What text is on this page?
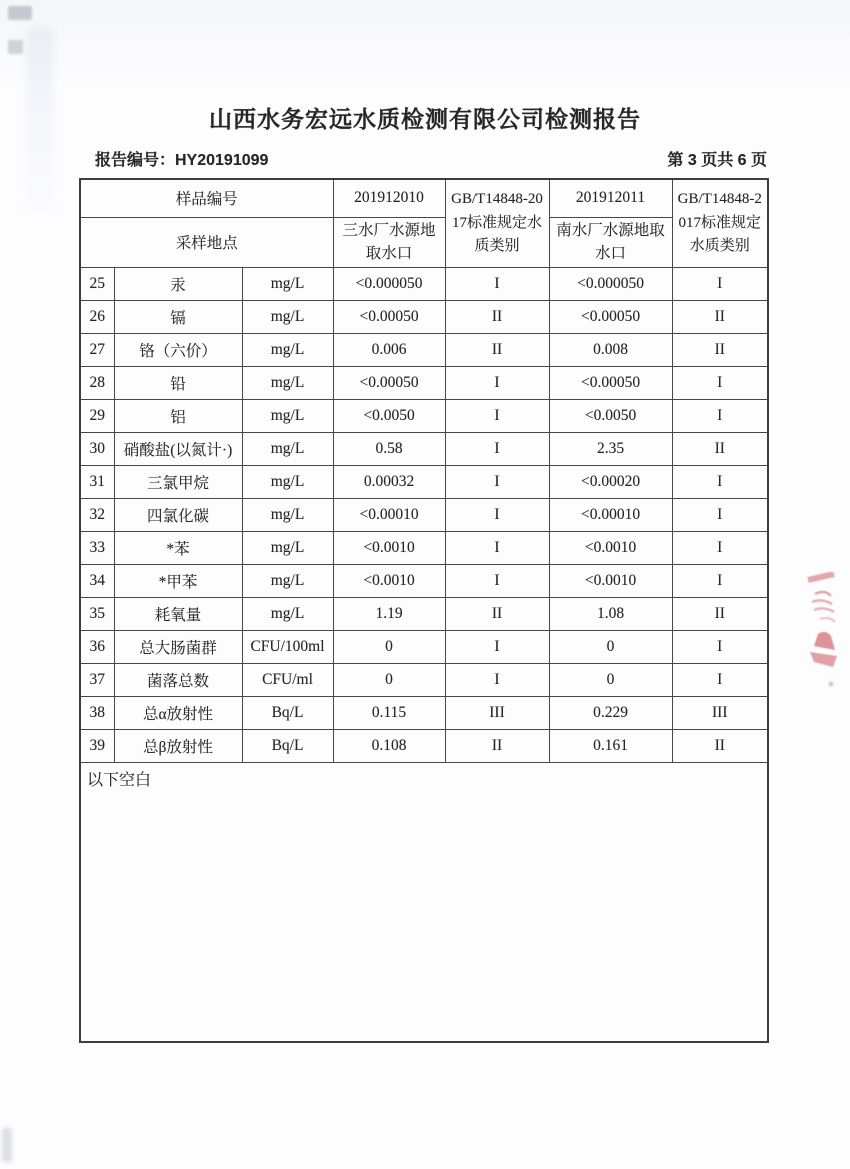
山西水务宏远水质检测有限公司检测报告
报告编号：HY20191099	第 3 页共 6 页
样品编号			201912010	GB/T14848-2017标准规定水质类别	201912011	GB/T14848-2017标准规定水质类别
采样地点			三水厂水源地取水口		南水厂水源地取水口	
25	汞	mg/L	<0.000050	I	<0.000050	I
26	镉	mg/L	<0.00050	II	<0.00050	II
27	铬（六价）	mg/L	0.006	II	0.008	II
28	铅	mg/L	<0.00050	I	<0.00050	I
29	铝	mg/L	<0.0050	I	<0.0050	I
30	硝酸盐(以氮计·)	mg/L	0.58	I	2.35	II
31	三氯甲烷	mg/L	0.00032	I	<0.00020	I
32	四氯化碳	mg/L	<0.00010	I	<0.00010	I
33	*苯	mg/L	<0.0010	I	<0.0010	I
34	*甲苯	mg/L	<0.0010	I	<0.0010	I
35	耗氧量	mg/L	1.19	II	1.08	II
36	总大肠菌群	CFU/100ml	0	I	0	I
37	菌落总数	CFU/ml	0	I	0	I
38	总α放射性	Bq/L	0.115	III	0.229	III
39	总β放射性	Bq/L	0.108	II	0.161	II
以下空白						
